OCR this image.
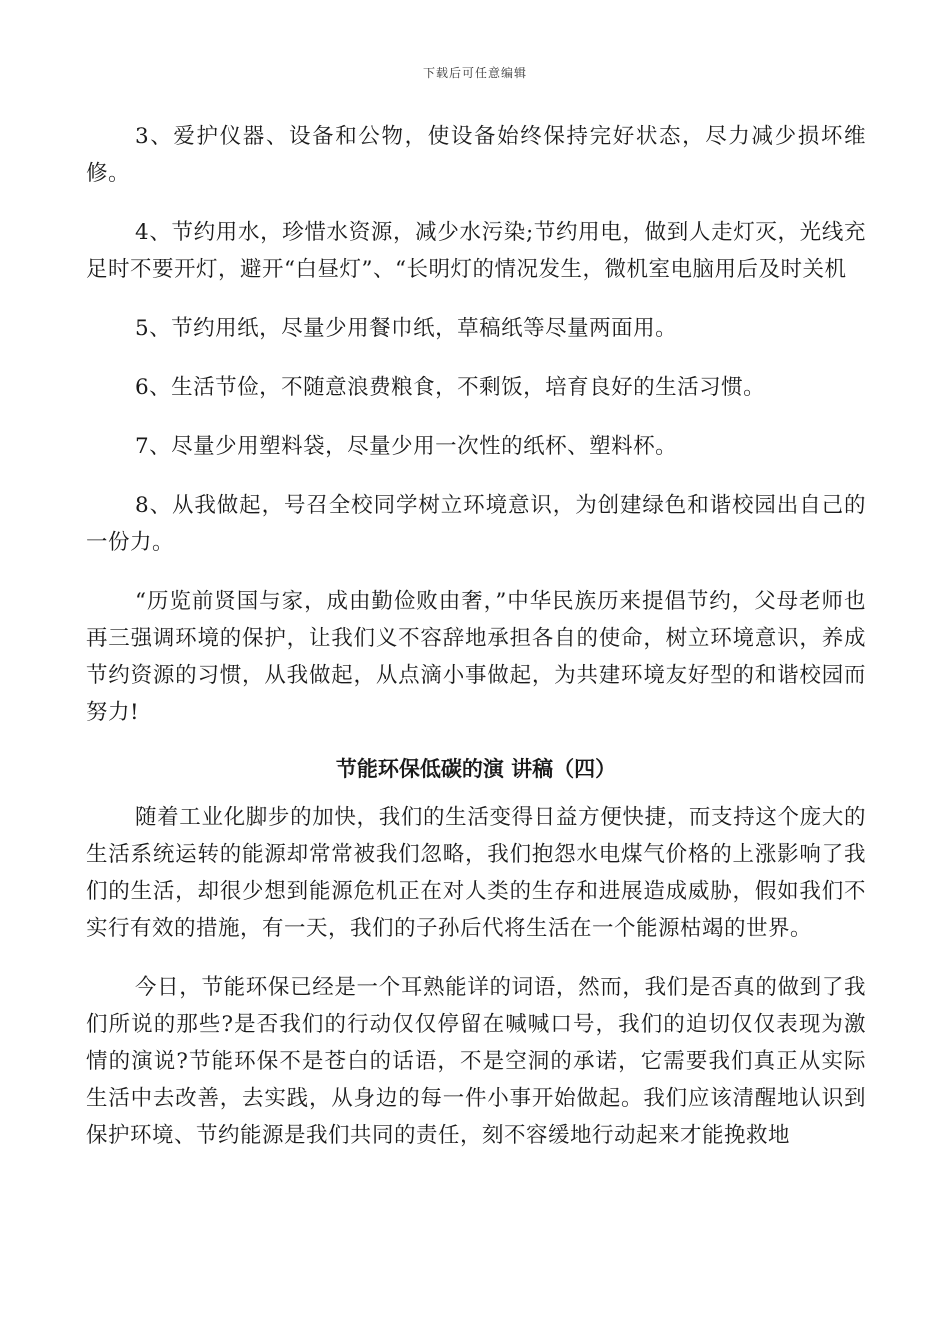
下载后可任意编辑

3、爱护仪器、设备和公物，使设备始终保持完好状态，尽力减少损坏维修。

4、节约用水，珍惜水资源，减少水污染;节约用电，做到人走灯灭，光线充足时不要开灯，避开“白昼灯”、“长明灯的情况发生，微机室电脑用后及时关机

5、节约用纸，尽量少用餐巾纸，草稿纸等尽量两面用。

6、生活节俭，不随意浪费粮食，不剩饭，培育良好的生活习惯。

7、尽量少用塑料袋，尽量少用一次性的纸杯、塑料杯。

8、从我做起，号召全校同学树立环境意识，为创建绿色和谐校园出自己的一份力。

“历览前贤国与家，成由勤俭败由奢，”中华民族历来提倡节约，父母老师也再三强调环境的保护，让我们义不容辞地承担各自的使命，树立环境意识，养成节约资源的习惯，从我做起，从点滴小事做起，为共建环境友好型的和谐校园而努力!

节能环保低碳的演 讲稿（四）

随着工业化脚步的加快，我们的生活变得日益方便快捷，而支持这个庞大的生活系统运转的能源却常常被我们忽略，我们抱怨水电煤气价格的上涨影响了我们的生活，却很少想到能源危机正在对人类的生存和进展造成威胁，假如我们不实行有效的措施，有一天，我们的子孙后代将生活在一个能源枯竭的世界。

今日，节能环保已经是一个耳熟能详的词语，然而，我们是否真的做到了我们所说的那些?是否我们的行动仅仅停留在喊喊口号，我们的迫切仅仅表现为激情的演说?节能环保不是苍白的话语，不是空洞的承诺，它需要我们真正从实际生活中去改善，去实践，从身边的每一件小事开始做起。我们应该清醒地认识到保护环境、节约能源是我们共同的责任，刻不容缓地行动起来才能挽救地
